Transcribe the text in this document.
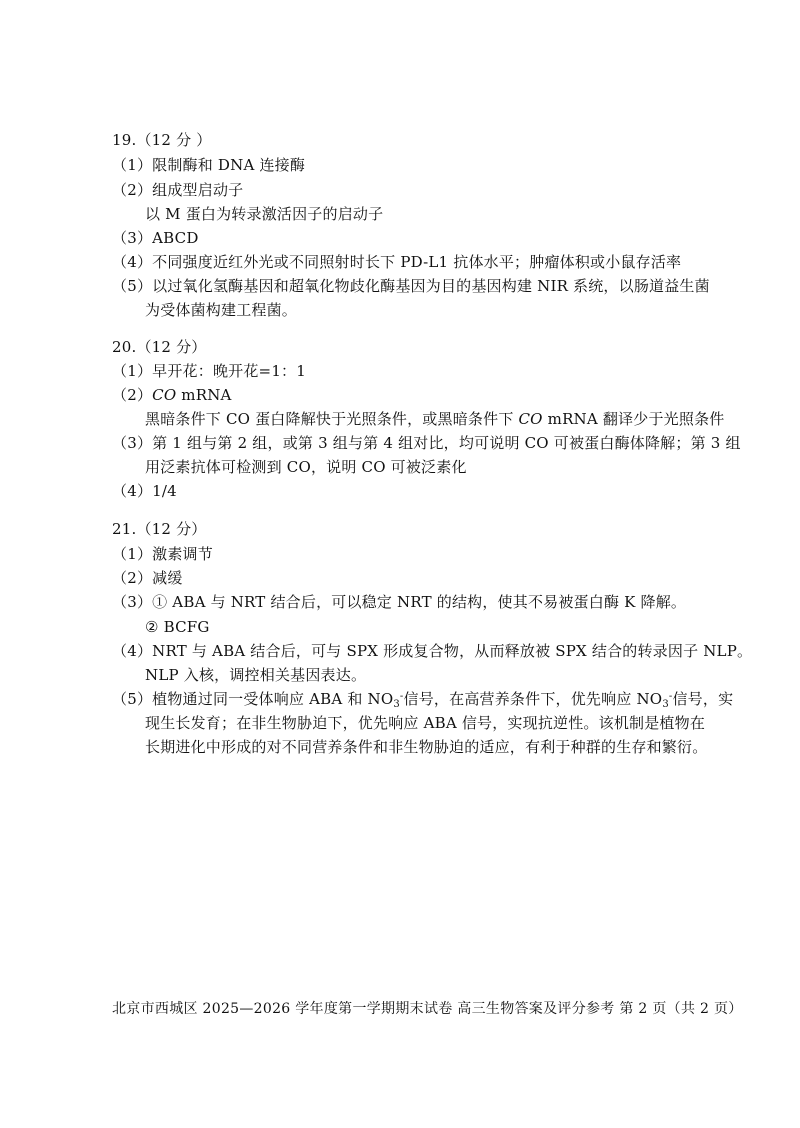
19.（12 分 ）
（1）限制酶和 DNA 连接酶
（2）组成型启动子
以 M 蛋白为转录激活因子的启动子
（3）ABCD
（4）不同强度近红外光或不同照射时长下 PD-L1 抗体水平；肿瘤体积或小鼠存活率
（5）以过氧化氢酶基因和超氧化物歧化酶基因为目的基因构建 NIR 系统，以肠道益生菌
为受体菌构建工程菌。
20.（12 分）
（1）早开花：晚开花=1：1
（2）CO mRNA
黑暗条件下 CO 蛋白降解快于光照条件，或黑暗条件下 CO mRNA 翻译少于光照条件
（3）第 1 组与第 2 组，或第 3 组与第 4 组对比，均可说明 CO 可被蛋白酶体降解；第 3 组
用泛素抗体可检测到 CO，说明 CO 可被泛素化
（4）1/4
21.（12 分）
（1）激素调节
（2）减缓
（3）① ABA 与 NRT 结合后，可以稳定 NRT 的结构，使其不易被蛋白酶 K 降解。
② BCFG
（4）NRT 与 ABA 结合后，可与 SPX 形成复合物，从而释放被 SPX 结合的转录因子 NLP。
NLP 入核，调控相关基因表达。
（5）植物通过同一受体响应 ABA 和 $NO_3^-$信号，在高营养条件下，优先响应 $NO_3^-$信号，实
现生长发育；在非生物胁迫下，优先响应 ABA 信号，实现抗逆性。该机制是植物在
长期进化中形成的对不同营养条件和非生物胁迫的适应，有利于种群的生存和繁衍。
北京市西城区 2025—2026 学年度第一学期期末试卷 高三生物答案及评分参考 第 2 页（共 2 页）
